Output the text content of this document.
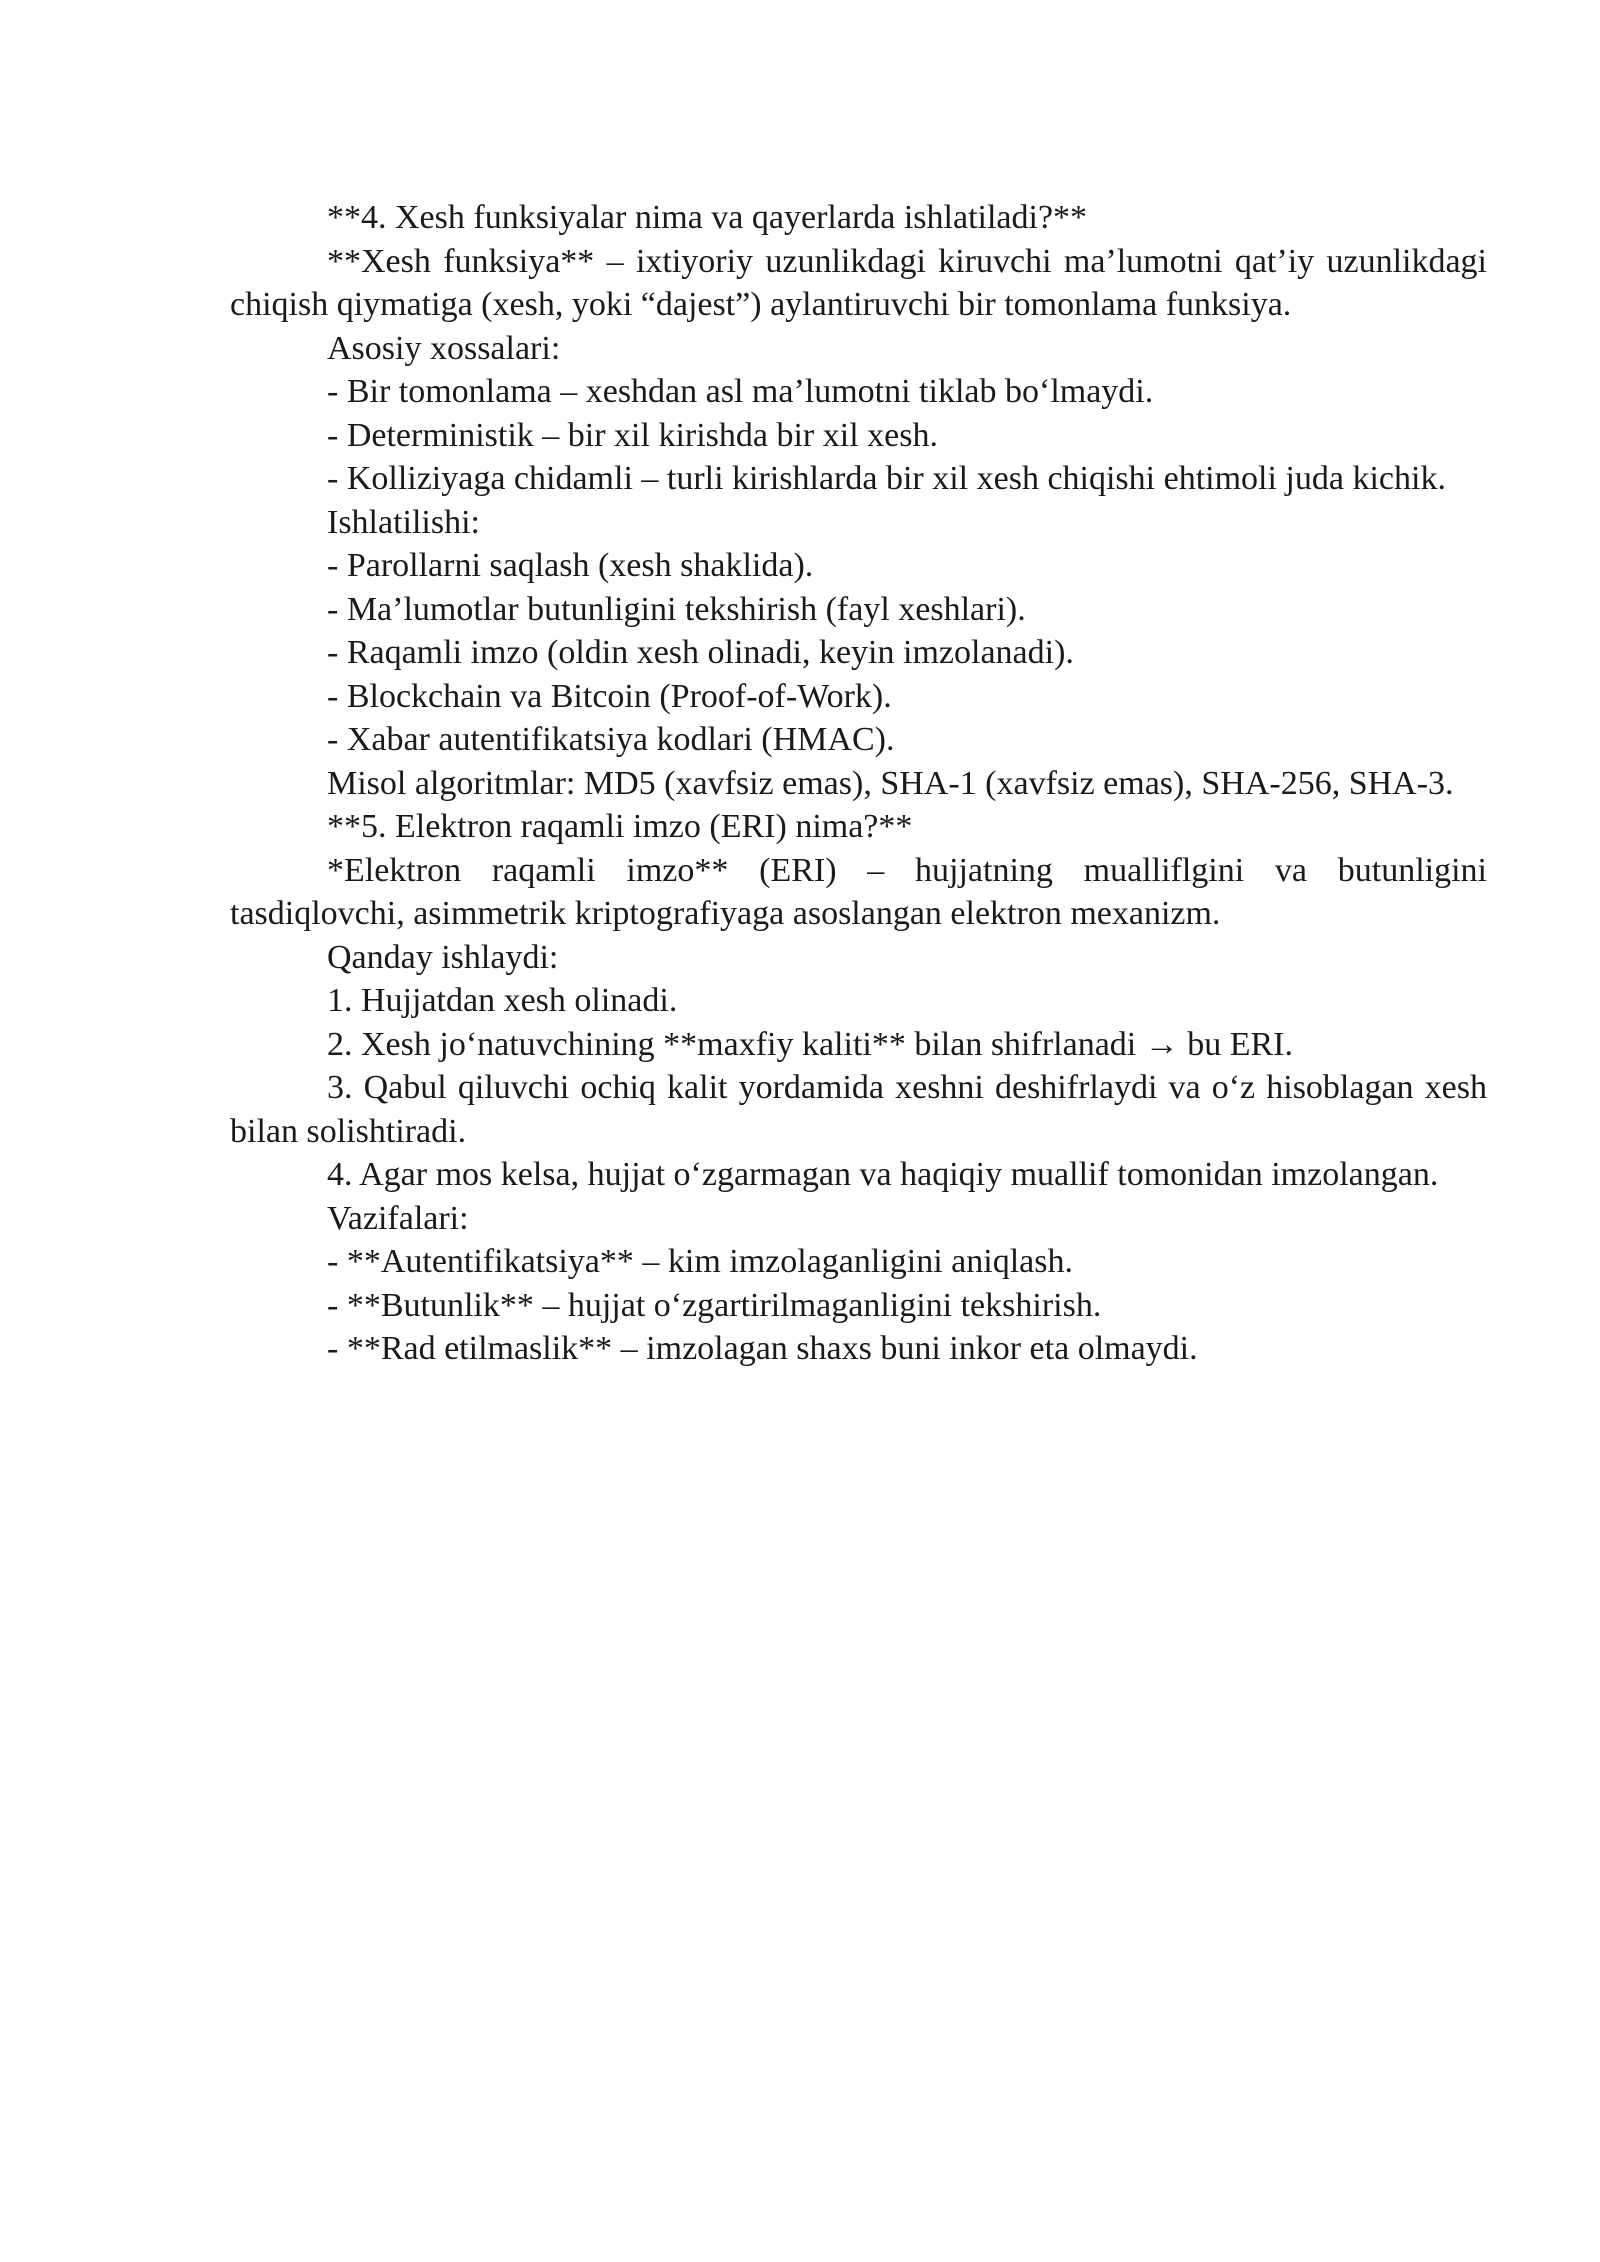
**4. Xesh funksiyalar nima va qayerlarda ishlatiladi?**

**Xesh funksiya** – ixtiyoriy uzunlikdagi kiruvchi ma’lumotni qat’iy uzunlikdagi chiqish qiymatiga (xesh, yoki “dajest”) aylantiruvchi bir tomonlama funksiya.

Asosiy xossalari:

- Bir tomonlama – xeshdan asl ma’lumotni tiklab bo‘lmaydi.

- Deterministik – bir xil kirishda bir xil xesh.

- Kolliziyaga chidamli – turli kirishlarda bir xil xesh chiqishi ehtimoli juda kichik.

Ishlatilishi:

- Parollarni saqlash (xesh shaklida).

- Ma’lumotlar butunligini tekshirish (fayl xeshlari).

- Raqamli imzo (oldin xesh olinadi, keyin imzolanadi).

- Blockchain va Bitcoin (Proof-of-Work).

- Xabar autentifikatsiya kodlari (HMAC).

Misol algoritmlar: MD5 (xavfsiz emas), SHA-1 (xavfsiz emas), SHA-256, SHA-3.

**5. Elektron raqamli imzo (ERI) nima?**

*Elektron raqamli imzo** (ERI) – hujjatning mualliflgini va butunligini tasdiqlovchi, asimmetrik kriptografiyaga asoslangan elektron mexanizm.

Qanday ishlaydi:

1. Hujjatdan xesh olinadi.

2. Xesh jo‘natuvchining **maxfiy kaliti** bilan shifrlanadi → bu ERI.

3. Qabul qiluvchi ochiq kalit yordamida xeshni deshifrlaydi va o‘z hisoblagan xesh bilan solishtiradi.

4. Agar mos kelsa, hujjat o‘zgarmagan va haqiqiy muallif tomonidan imzolangan.

Vazifalari:

- **Autentifikatsiya** – kim imzolaganligini aniqlash.

- **Butunlik** – hujjat o‘zgartirilmaganligini tekshirish.

- **Rad etilmaslik** – imzolagan shaxs buni inkor eta olmaydi.
